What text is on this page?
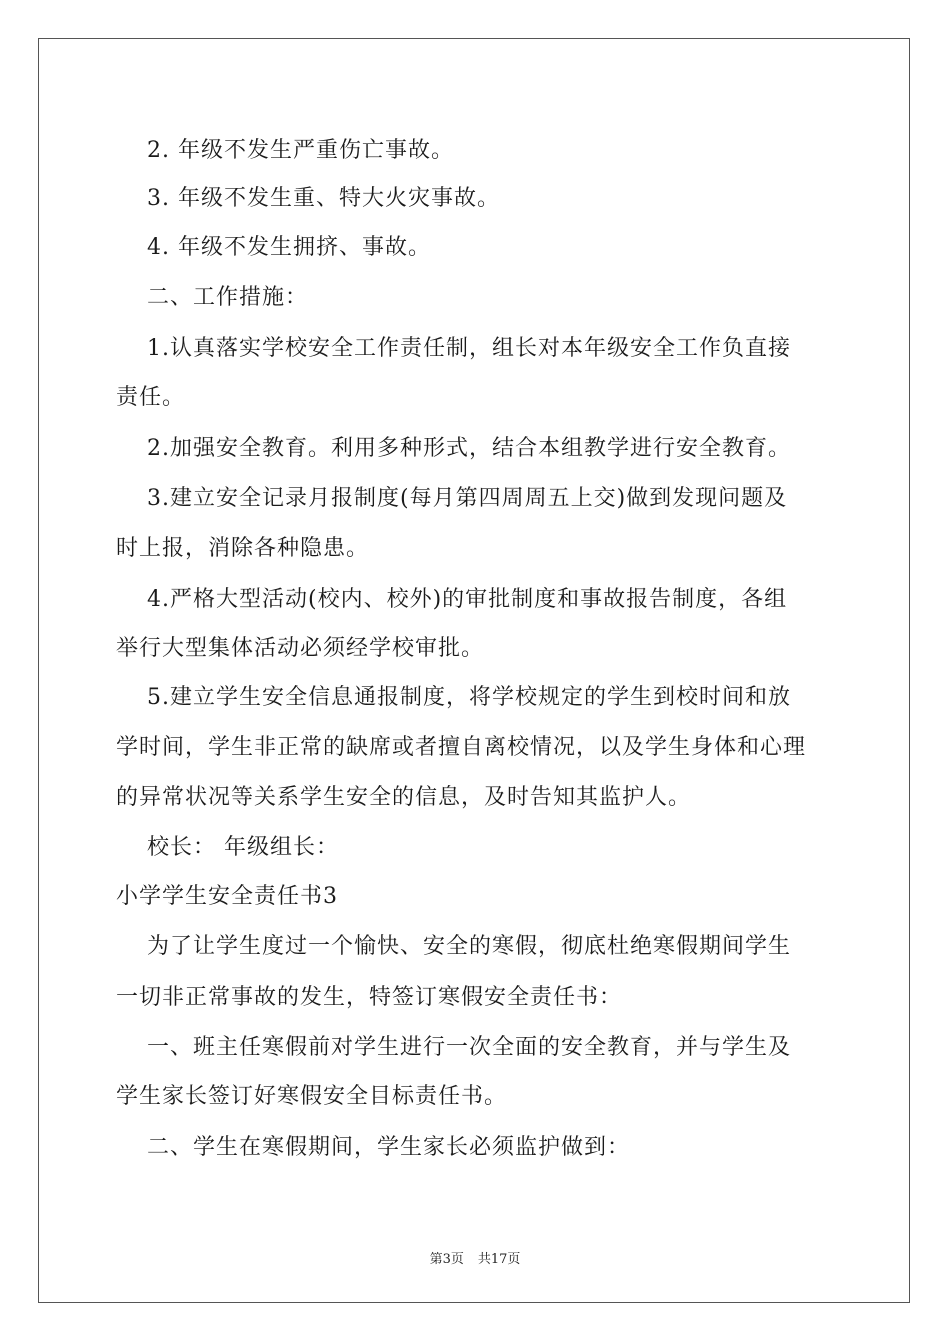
　 2. 年级不发生严重伤亡事故。
　 3. 年级不发生重、特大火灾事故。
　 4. 年级不发生拥挤、事故。
　 二、工作措施：
　 1.认真落实学校安全工作责任制，组长对本年级安全工作负直接
责任。
　 2.加强安全教育。利用多种形式，结合本组教学进行安全教育。
　 3.建立安全记录月报制度(每月第四周周五上交)做到发现问题及
时上报，消除各种隐患。
　 4.严格大型活动(校内、校外)的审批制度和事故报告制度，各组
举行大型集体活动必须经学校审批。
　 5.建立学生安全信息通报制度，将学校规定的学生到校时间和放
学时间，学生非正常的缺席或者擅自离校情况，以及学生身体和心理
的异常状况等关系学生安全的信息，及时告知其监护人。
　 校长： 年级组长：
小学学生安全责任书3
　 为了让学生度过一个愉快、安全的寒假，彻底杜绝寒假期间学生
一切非正常事故的发生，特签订寒假安全责任书：
　 一、班主任寒假前对学生进行一次全面的安全教育，并与学生及
学生家长签订好寒假安全目标责任书。
　 二、学生在寒假期间，学生家长必须监护做到：
第3页 共17页
